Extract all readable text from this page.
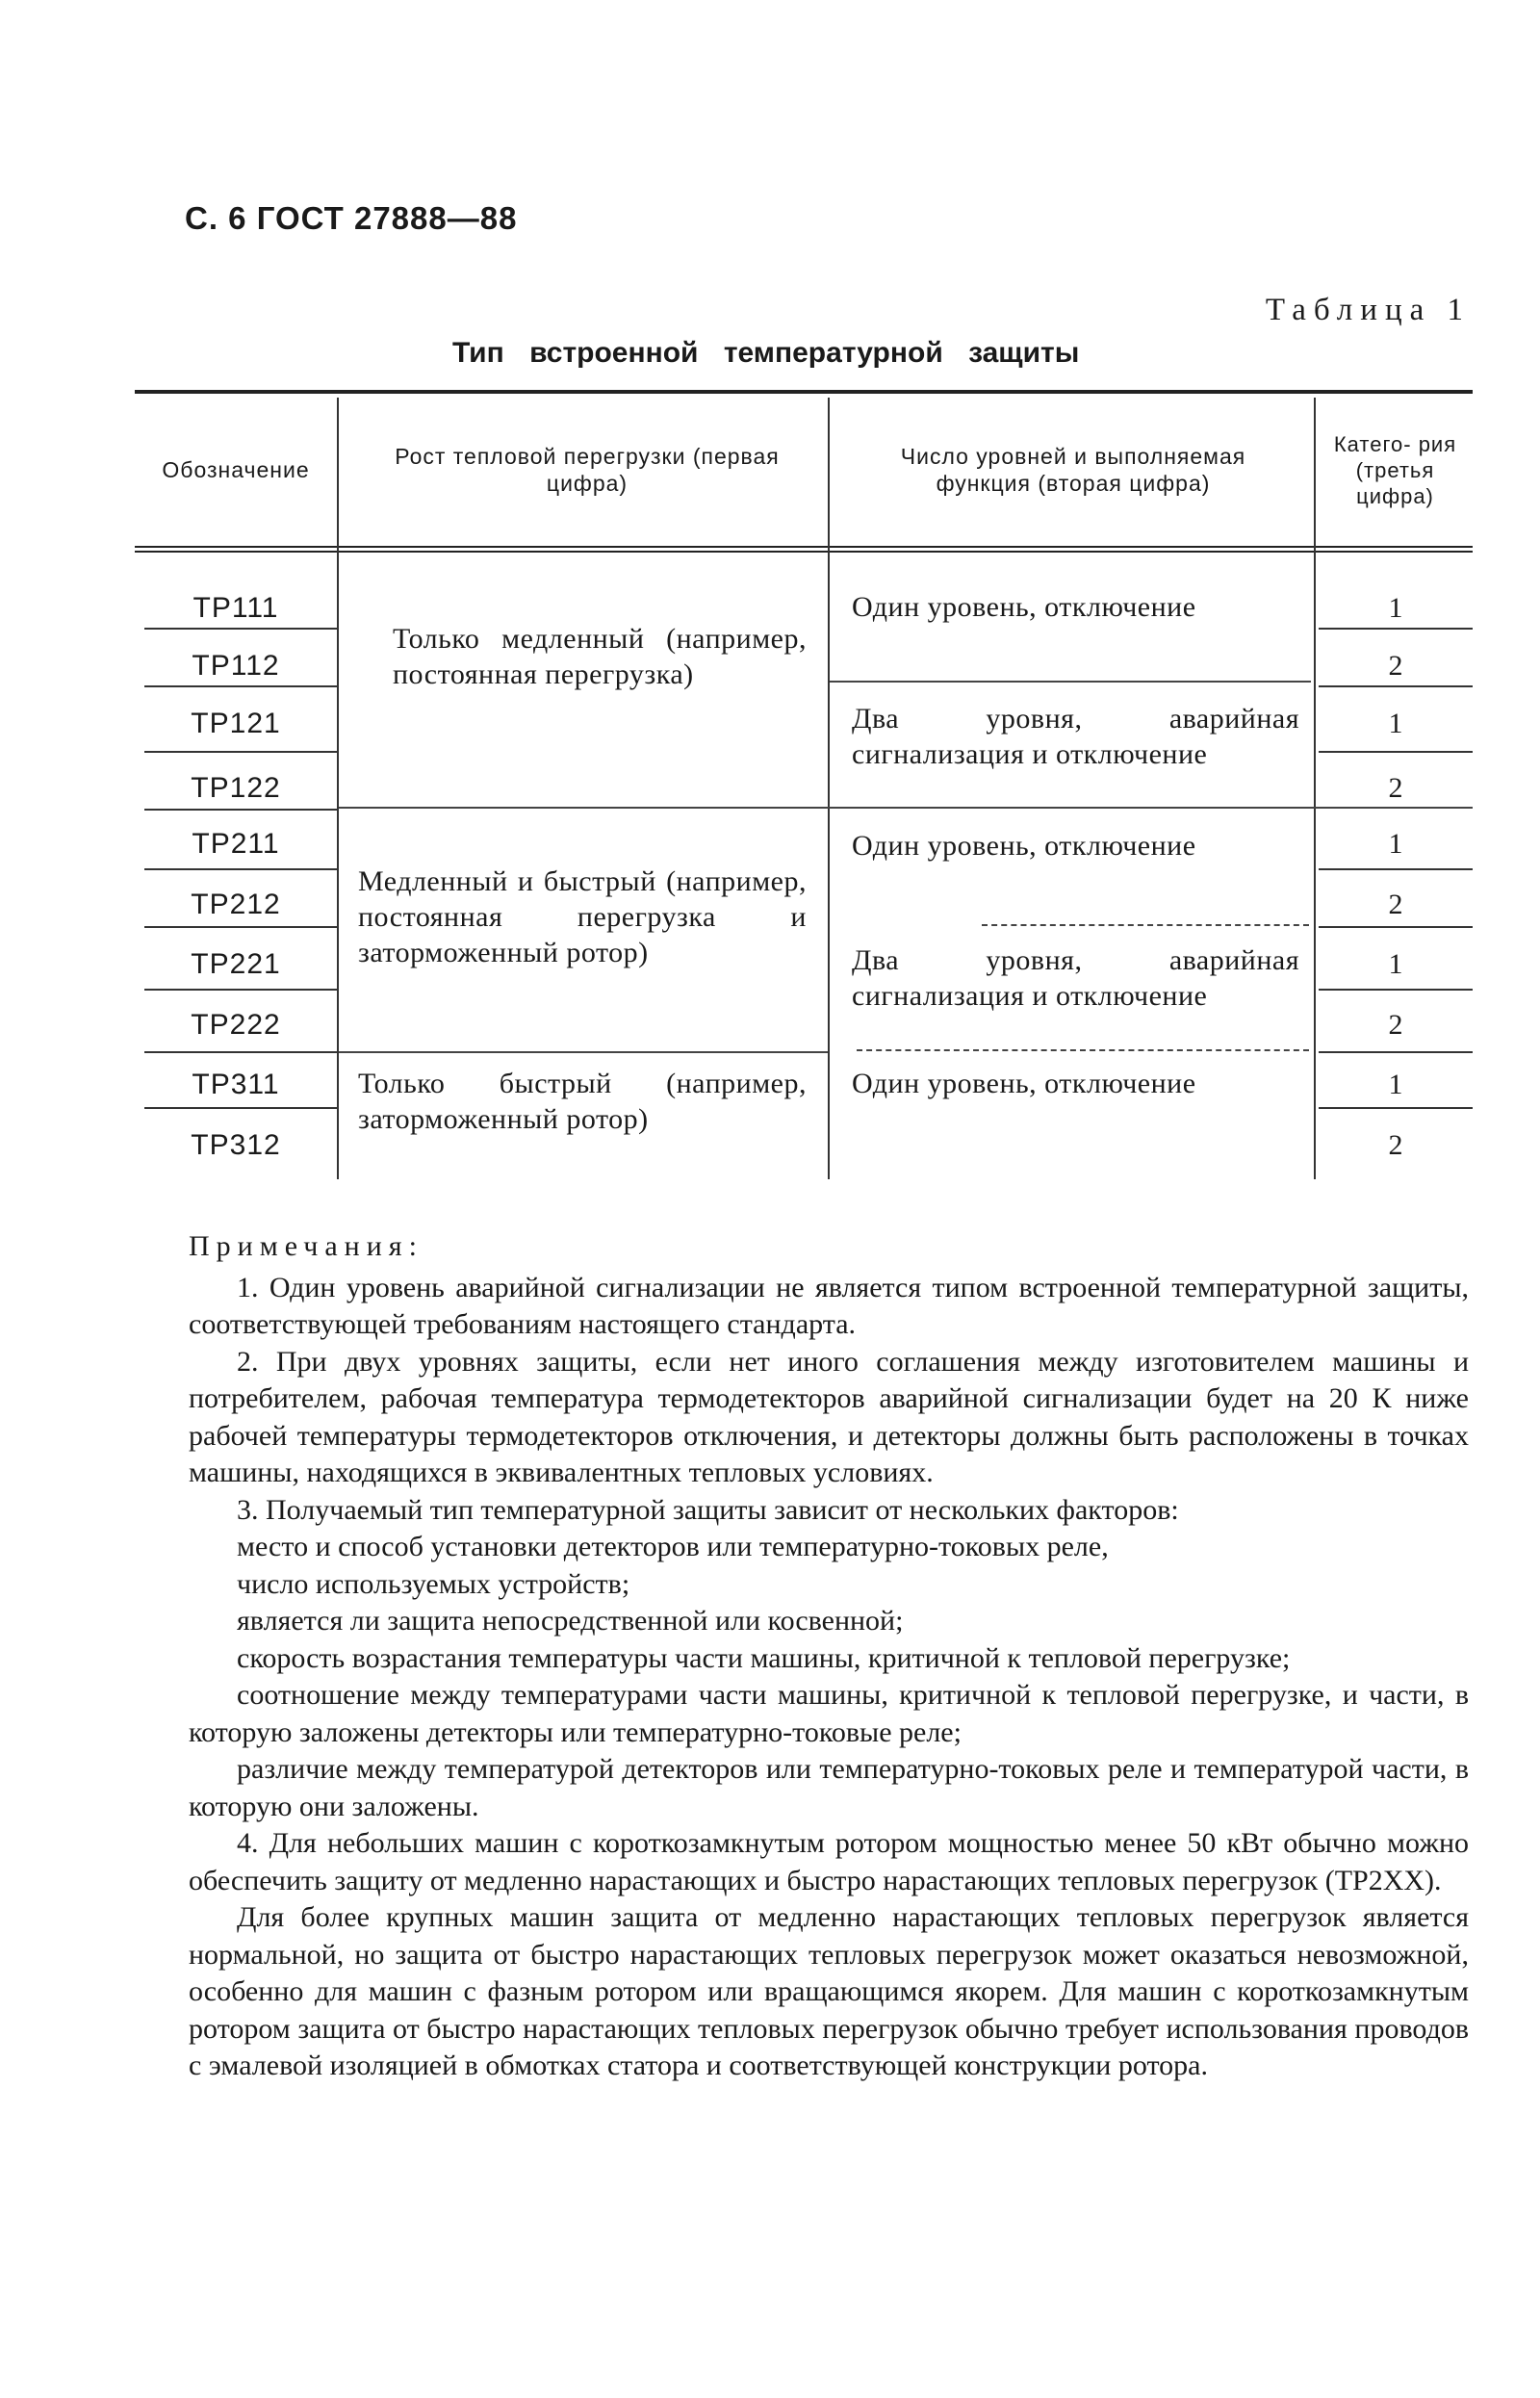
С. 6 ГОСТ 27888—88
Таблица 1
Тип встроенной температурной защиты
Обозначение
Рост тепловой перегрузки (первая цифра)
Число уровней и выполняемая функция (вторая цифра)
Катего- рия (третья цифра)
ТР111
ТР112
ТР121
ТР122
ТР211
ТР212
ТР221
ТР222
ТР311
ТР312
Только медленный (например, постоянная перегрузка)
Медленный и быстрый (например, постоянная перегрузка и заторможенный ротор)
Только быстрый (например, заторможенный ротор)
Один уровень, отключение
Два уровня, аварийная сигнализация и отключение
Один уровень, отключение
Два уровня, аварийная сигнализация и отключение
Один уровень, отключение
1
2
1
2
1
2
1
2
1
2

Примечания:

1. Один уровень аварийной сигнализации не является типом встроенной температурной защиты, соответствующей требованиям настоящего стандарта.

2. При двух уровнях защиты, если нет иного соглашения между изготовителем машины и потребителем, рабочая температура термодетекторов аварийной сигнализации будет на 20 К ниже рабочей температуры термодетекторов отключения, и детекторы должны быть расположены в точках машины, находящихся в эквивалентных тепловых условиях.

3. Получаемый тип температурной защиты зависит от нескольких факторов:

место и способ установки детекторов или температурно-токовых реле,

число используемых устройств;

является ли защита непосредственной или косвенной;

скорость возрастания температуры части машины, критичной к тепловой перегрузке;

соотношение между температурами части машины, критичной к тепловой перегрузке, и части, в которую заложены детекторы или температурно-токовые реле;

различие между температурой детекторов или температурно-токовых реле и температурой части, в которую они заложены.

4. Для небольших машин с короткозамкнутым ротором мощностью менее 50 кВт обычно можно обеспечить защиту от медленно нарастающих и быстро нарастающих тепловых перегрузок (ТР2ХХ).

Для более крупных машин защита от медленно нарастающих тепловых перегрузок является нормальной, но защита от быстро нарастающих тепловых перегрузок может оказаться невозможной, особенно для машин с фазным ротором или вращающимся якорем. Для машин с короткозамкнутым ротором защита от быстро нарастающих тепловых перегрузок обычно требует использования проводов с эмалевой изоляцией в обмотках статора и соответствующей конструкции ротора.
